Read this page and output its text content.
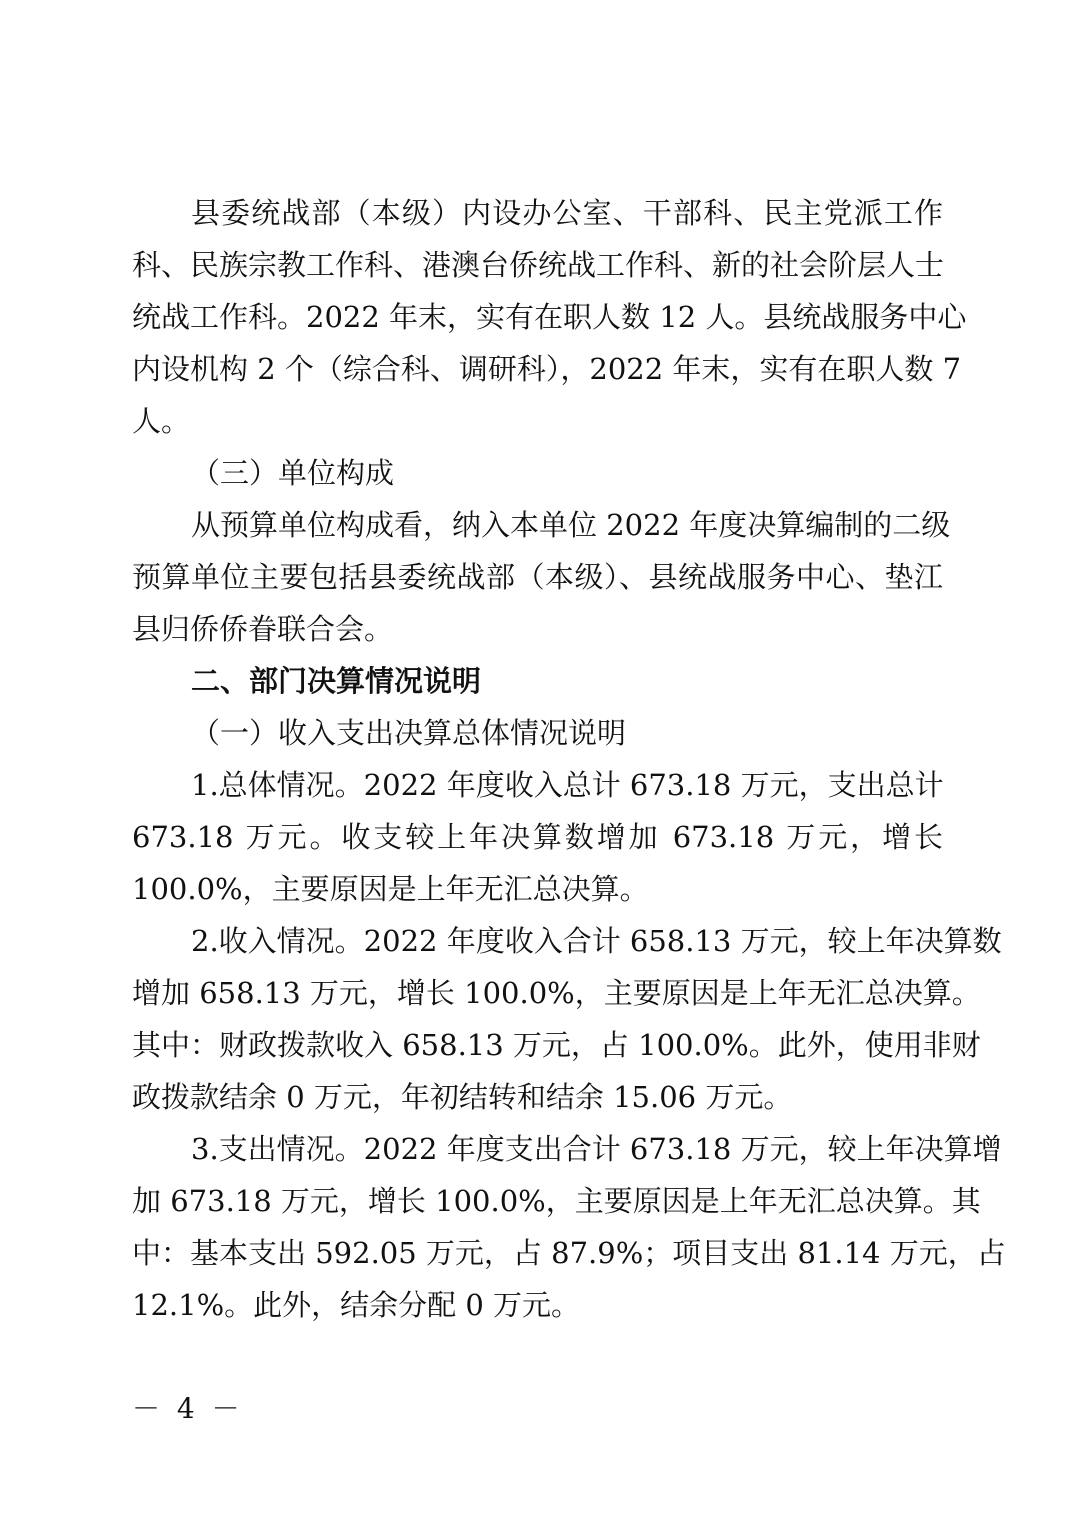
县委统战部（本级）内设办公室、干部科、民主党派工作
科、民族宗教工作科、港澳台侨统战工作科、新的社会阶层人士
统战工作科。2022 年末，实有在职人数 12 人。县统战服务中心
内设机构 2 个（综合科、调研科），2022 年末，实有在职人数 7
人。
（三）单位构成
从预算单位构成看，纳入本单位 2022 年度决算编制的二级
预算单位主要包括县委统战部（本级）、县统战服务中心、垫江
县归侨侨眷联合会。
二、部门决算情况说明
（一）收入支出决算总体情况说明
1.总体情况。2022 年度收入总计 673.18 万元，支出总计
673.18 万元。收支较上年决算数增加 673.18 万元，增长
100.0%，主要原因是上年无汇总决算。
2.收入情况。2022 年度收入合计 658.13 万元，较上年决算数
增加 658.13 万元，增长 100.0%，主要原因是上年无汇总决算。
其中：财政拨款收入 658.13 万元，占 100.0%。此外，使用非财
政拨款结余 0 万元，年初结转和结余 15.06 万元。
3.支出情况。2022 年度支出合计 673.18 万元，较上年决算增
加 673.18 万元，增长 100.0%，主要原因是上年无汇总决算。其
中：基本支出 592.05 万元，占 87.9%；项目支出 81.14 万元，占
12.1%。此外，结余分配 0 万元。
－ 4 －
